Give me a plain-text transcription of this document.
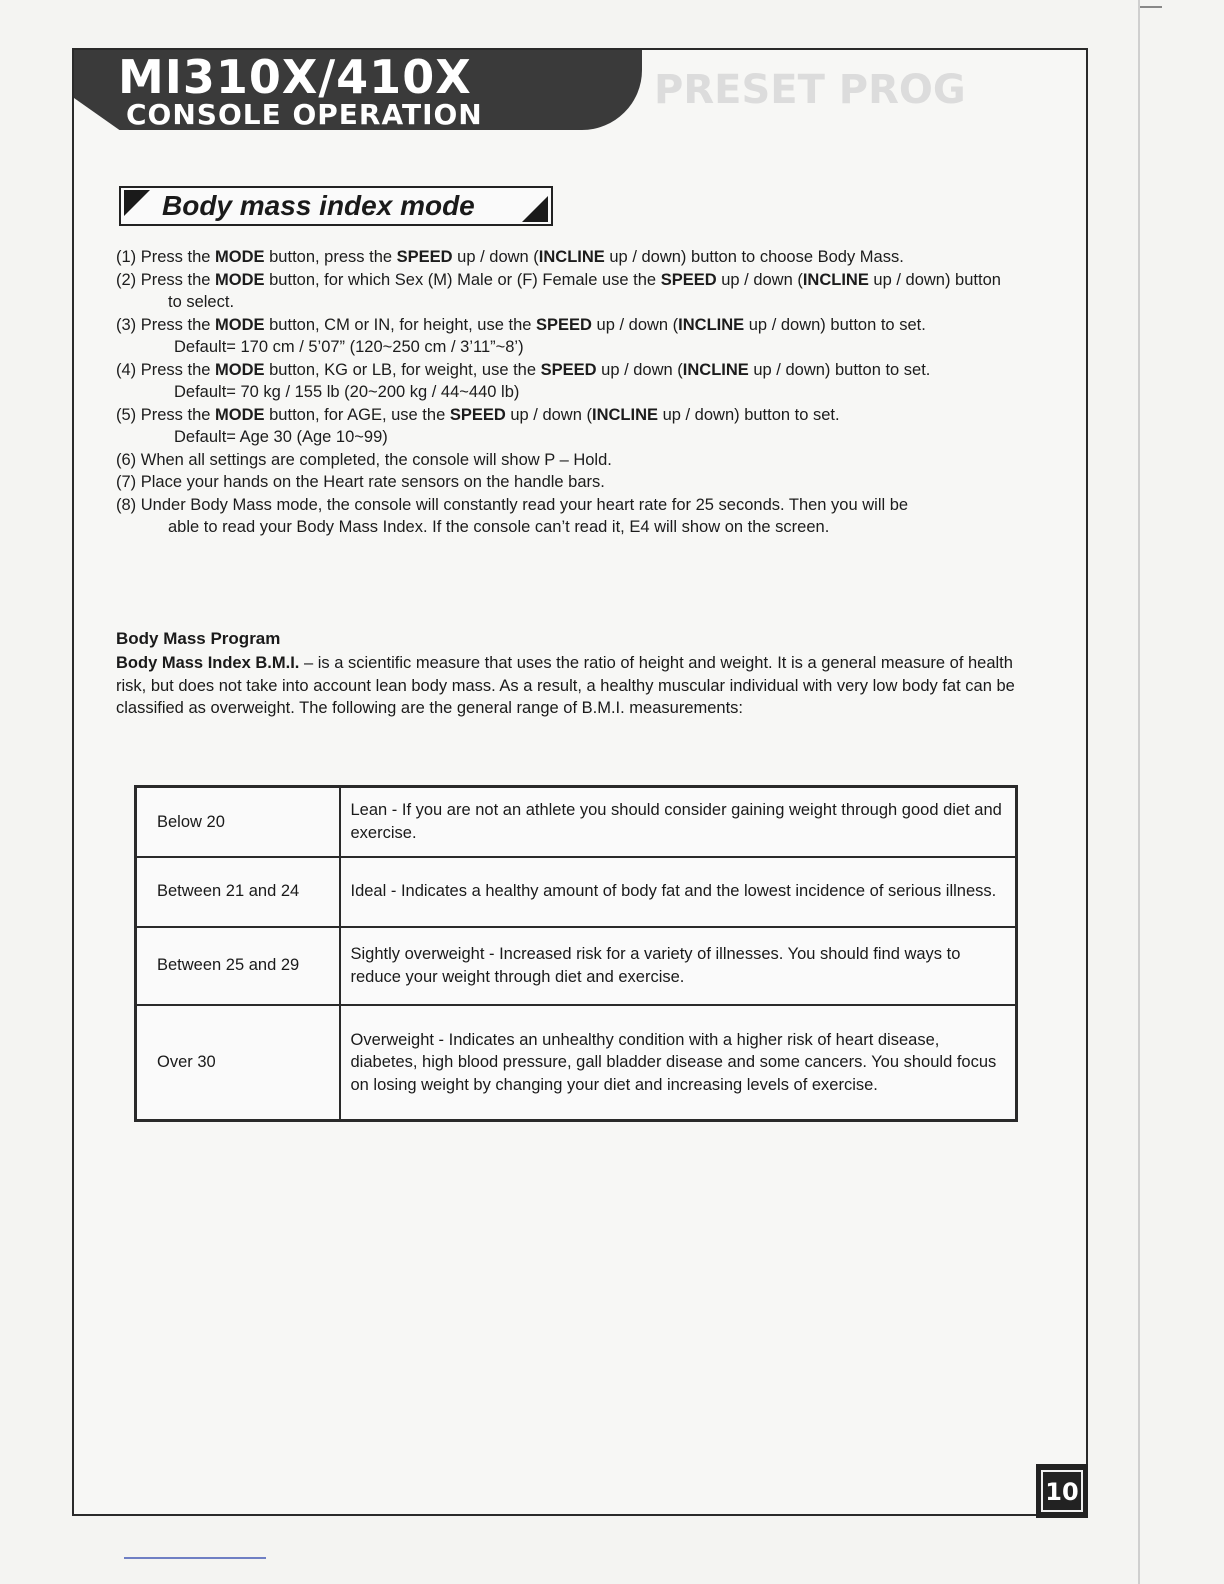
MI310X/410X
CONSOLE OPERATION
PRESET PROG
Body mass index mode

(1) Press the MODE button, press the SPEED up / down (INCLINE up / down) button to choose Body Mass.

(2) Press the MODE button, for which Sex (M) Male or (F) Female use the SPEED up / down (INCLINE up / down) button
to select.

(3) Press the MODE button, CM or IN, for height, use the SPEED up / down (INCLINE up / down) button to set.
Default= 170 cm / 5’07” (120~250 cm / 3’11”~8’)

(4) Press the MODE button, KG or LB, for weight, use the SPEED up / down (INCLINE up / down) button to set.
Default= 70 kg / 155 lb (20~200 kg / 44~440 lb)

(5) Press the MODE button, for AGE, use the SPEED up / down (INCLINE up / down) button to set.
Default= Age 30 (Age 10~99)

(6) When all settings are completed, the console will show P – Hold.

(7) Place your hands on the Heart rate sensors on the handle bars.

(8) Under Body Mass mode, the console will constantly read your heart rate for 25 seconds. Then you will be
able to read your Body Mass Index. If the console can’t read it, E4 will show on the screen.

Body Mass Program
Body Mass Index B.M.I. – is a scientific measure that uses the ratio of height and weight. It is a general measure of health risk, but does not take into account lean body mass. As a result, a healthy muscular individual with very low body fat can be classified as overweight. The following are the general range of B.M.I. measurements:
Below 20	Lean - If you are not an athlete you should consider gaining weight through good diet and exercise.
Between 21 and 24	Ideal - Indicates a healthy amount of body fat and the lowest incidence of serious illness.
Between 25 and 29	Sightly overweight - Increased risk for a variety of illnesses. You should find ways to reduce your weight through diet and exercise.
Over 30	Overweight - Indicates an unhealthy condition with a higher risk of heart disease, diabetes, high blood pressure, gall bladder disease and some cancers. You should focus on losing weight by changing your diet and increasing levels of exercise.
10
